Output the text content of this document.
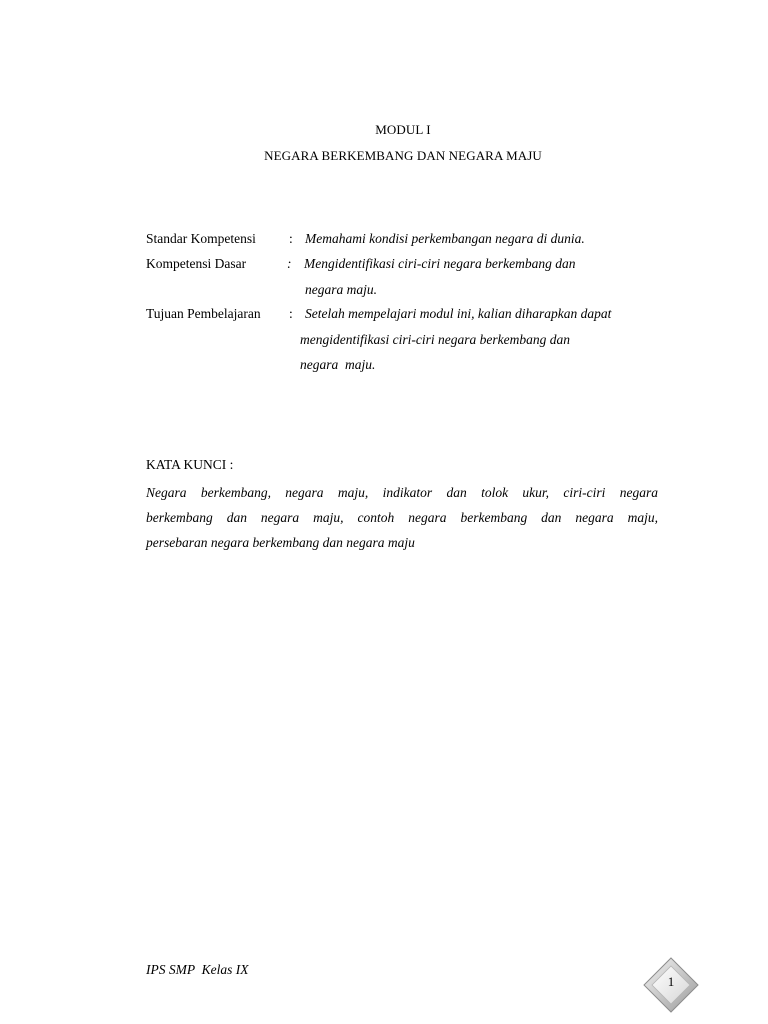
MODUL I
NEGARA BERKEMBANG DAN NEGARA MAJU
Standar Kompetensi : Memahami kondisi perkembangan negara di dunia.
Kompetensi Dasar	: Mengidentifikasi ciri-ciri negara berkembang dan
negara maju.
Tujuan Pembelajaran : Setelah mempelajari modul ini, kalian diharapkan dapat
mengidentifikasi ciri-ciri negara berkembang dan
negara  maju.
KATA KUNCI :
Negara berkembang, negara maju, indikator dan tolok ukur, ciri-ciri negara
berkembang dan negara maju, contoh negara berkembang dan negara maju,
persebaran negara berkembang dan negara maju
IPS SMP  Kelas IX
1
